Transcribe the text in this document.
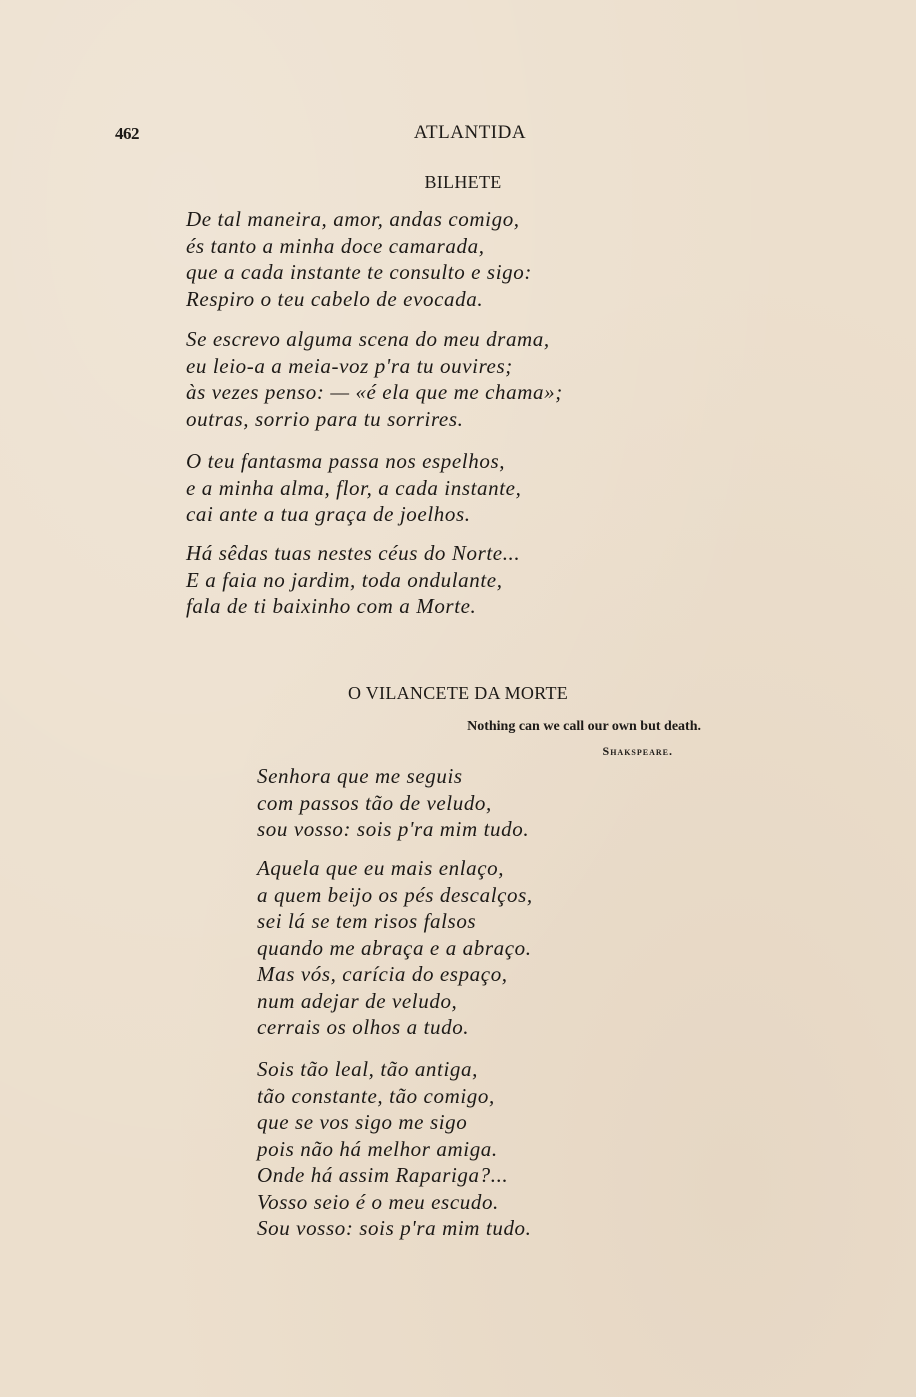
462	ATLANTIDA
BILHETE
De tal maneira, amor, andas comigo,
és tanto a minha doce camarada,
que a cada instante te consulto e sigo:
Respiro o teu cabelo de evocada.
Se escrevo alguma scena do meu drama,
eu leio-a a meia-voz p'ra tu ouvires;
às vezes penso: — «é ela que me chama»;
outras, sorrio para tu sorrires.
O teu fantasma passa nos espelhos,
e a minha alma, flor, a cada instante,
cai ante a tua graça de joelhos.
Há sêdas tuas nestes céus do Norte...
E a faia no jardim, toda ondulante,
fala de ti baixinho com a Morte.
O VILANCETE DA MORTE
Nothing can we call our own but death.
Shakspeare.
Senhora que me seguis
com passos tão de veludo,
sou vosso: sois p'ra mim tudo.
Aquela que eu mais enlaço,
a quem beijo os pés descalços,
sei lá se tem risos falsos
quando me abraça e a abraço.
Mas vós, carícia do espaço,
num adejar de veludo,
cerrais os olhos a tudo.
Sois tão leal, tão antiga,
tão constante, tão comigo,
que se vos sigo me sigo
pois não há melhor amiga.
Onde há assim Rapariga?...
Vosso seio é o meu escudo.
Sou vosso: sois p'ra mim tudo.
